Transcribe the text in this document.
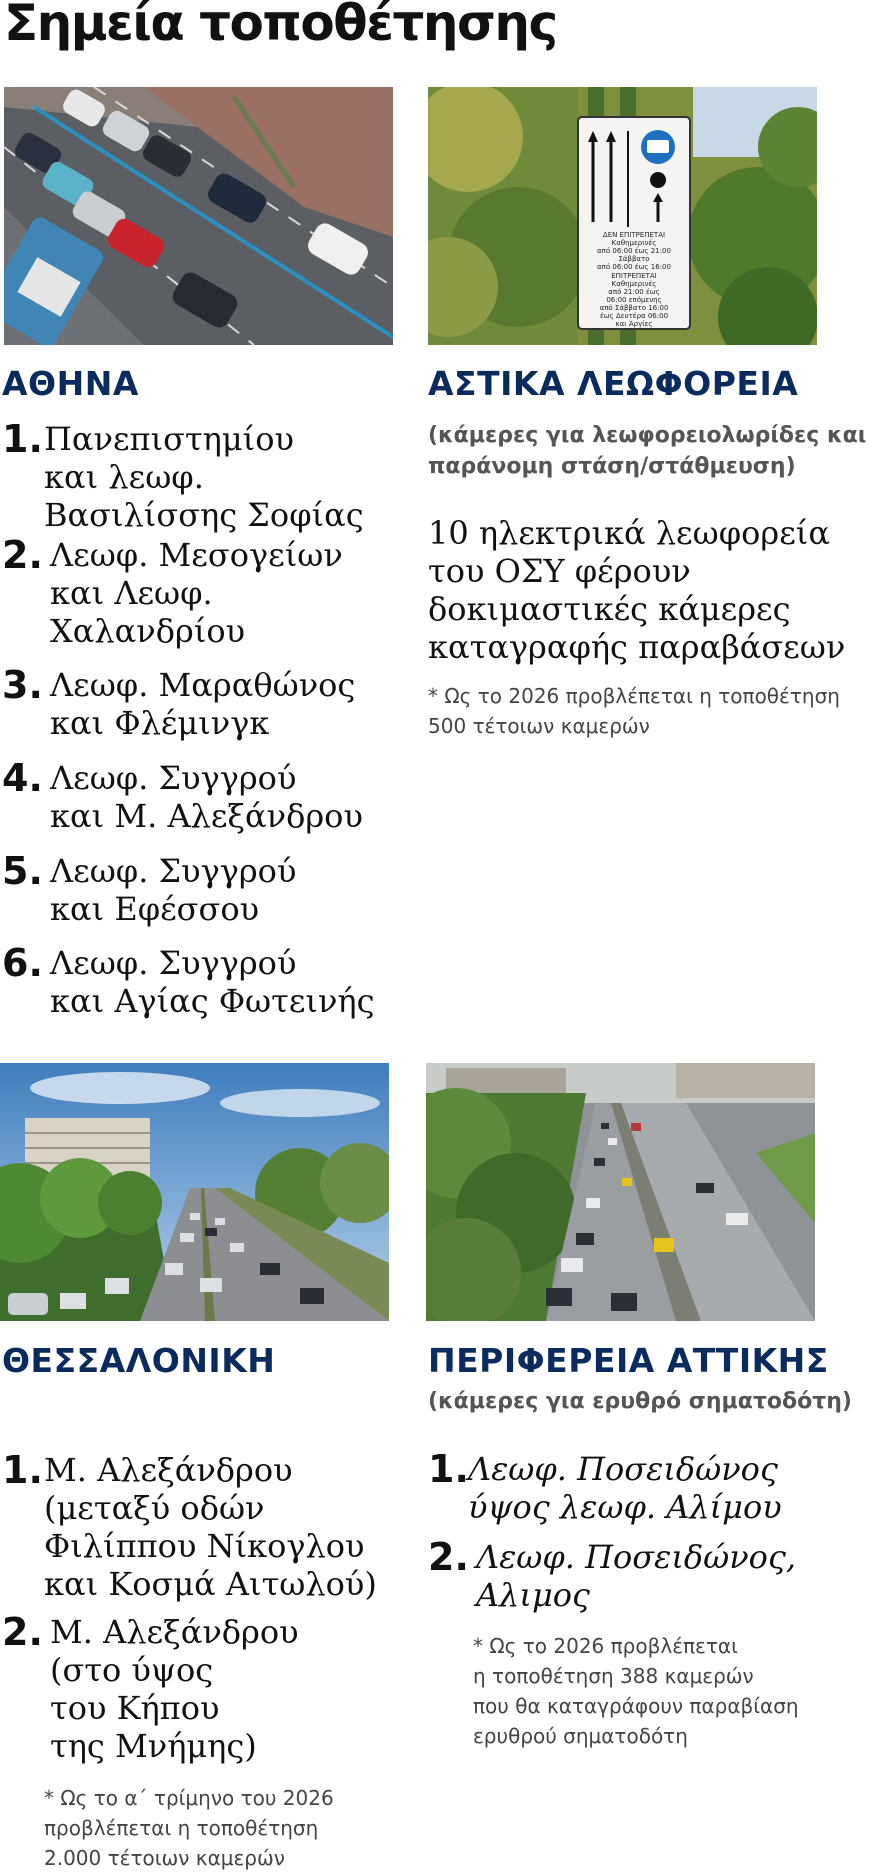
Σημεία τοποθέτησης
ΔΕΝ ΕΠΙΤΡΕΠΕΤΑΙ
Καθημερινές
από 06:00 έως 21:00
Σάββατο
από 06:00 έως 16:00
ΕΠΙΤΡΕΠΕΤΑΙ
Καθημερινές
από 21:00 έως
06:00 επόμενης
από Σάββατο 16:00
έως Δευτέρα 06:00
και Αργίες
ΑΘΗΝΑ
1. Πανεπιστημίου
και λεωφ.
Βασιλίσσης Σοφίας
2. Λεωφ. Μεσογείων
και Λεωφ.
Χαλανδρίου
3. Λεωφ. Μαραθώνος
και Φλέμινγκ
4. Λεωφ. Συγγρού
και Μ. Αλεξάνδρου
5. Λεωφ. Συγγρού
και Εφέσσου
6. Λεωφ. Συγγρού
και Αγίας Φωτεινής
ΑΣΤΙΚΑ ΛΕΩΦΟΡΕΙΑ
(κάμερες για λεωφορειολωρίδες και παράνομη στάση/στάθμευση)
10 ηλεκτρικά λεωφορεία
του ΟΣΥ φέρουν
δοκιμαστικές κάμερες
καταγραφής παραβάσεων
* Ως το 2026 προβλέπεται η τοποθέτηση
500 τέτοιων καμερών
ΘΕΣΣΑΛΟΝΙΚΗ
1. Μ. Αλεξάνδρου
(μεταξύ οδών
Φιλίππου Νίκογλου
και Κοσμά Αιτωλού)
2. Μ. Αλεξάνδρου
(στο ύψος
του Κήπου
της Μνήμης)
* Ως το α΄ τρίμηνο του 2026
προβλέπεται η τοποθέτηση
2.000 τέτοιων καμερών
ΠΕΡΙΦΕΡΕΙΑ ΑΤΤΙΚΗΣ
(κάμερες για ερυθρό σηματοδότη)
1. Λεωφ. Ποσειδώνος
ύψος λεωφ. Αλίμου
2. Λεωφ. Ποσειδώνος,
Αλιμος
* Ως το 2026 προβλέπεται
η τοποθέτηση 388 καμερών
που θα καταγράφουν παραβίαση
ερυθρού σηματοδότη
